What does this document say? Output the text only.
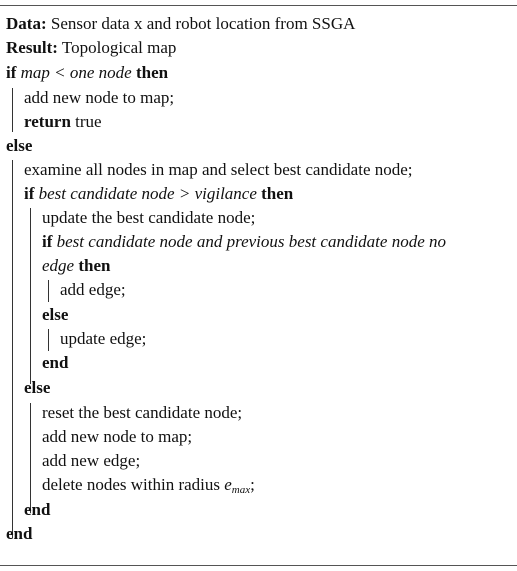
Data: Sensor data x and robot location from SSGA
Result: Topological map
if map < one node then
add new node to map;
return true
else
examine all nodes in map and select best candidate node;
if best candidate node > vigilance then
update the best candidate node;
if best candidate node and previous best candidate node no
edge then
add edge;
else
update edge;
end
else
reset the best candidate node;
add new node to map;
add new edge;
delete nodes within radius $e_{max}$;
end
end
